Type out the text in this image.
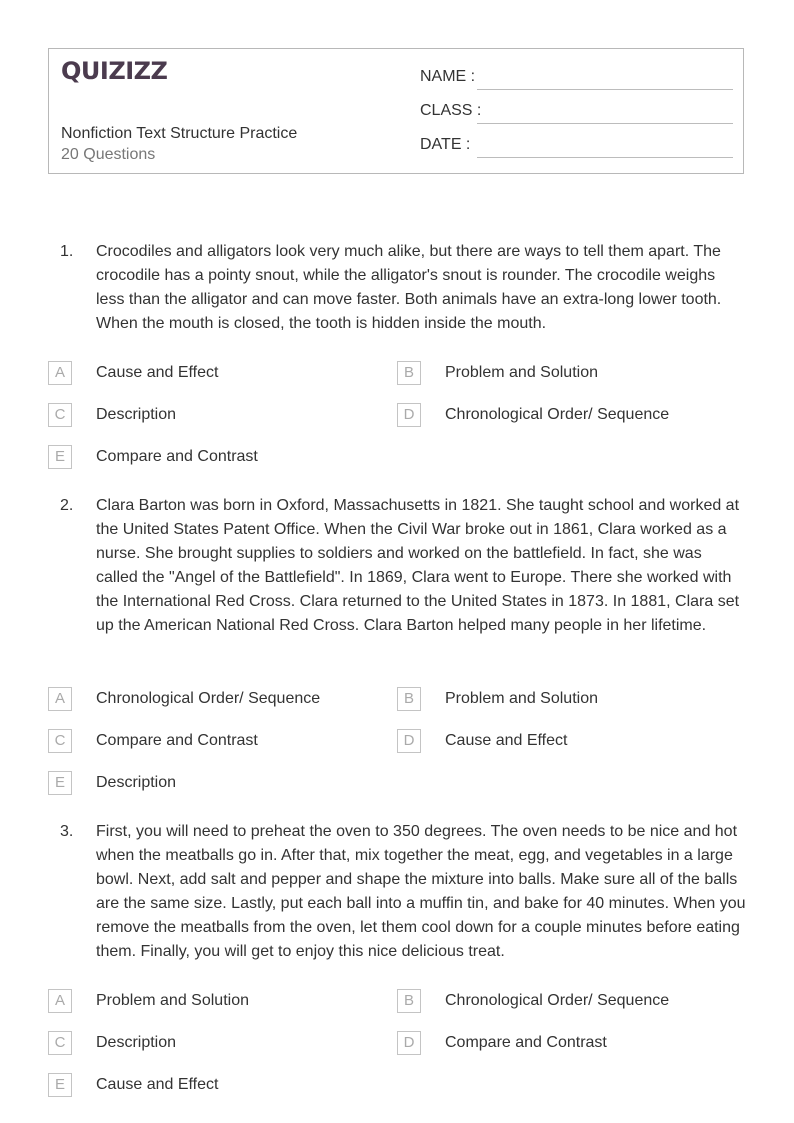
QUIZIZZ
Nonfiction Text Structure Practice
20 Questions
NAME :
CLASS :
DATE :
1. Crocodiles and alligators look very much alike, but there are ways to tell them apart. The crocodile has a pointy snout, while the alligator's snout is rounder. The crocodile weighs less than the alligator and can move faster. Both animals have an extra-long lower tooth. When the mouth is closed, the tooth is hidden inside the mouth.
A	Cause and Effect	B	Problem and Solution
C	Description	D	Chronological Order/ Sequence
E	Compare and Contrast
2. Clara Barton was born in Oxford, Massachusetts in 1821. She taught school and worked at the United States Patent Office. When the Civil War broke out in 1861, Clara worked as a nurse. She brought supplies to soldiers and worked on the battlefield. In fact, she was called the "Angel of the Battlefield". In 1869, Clara went to Europe. There she worked with the International Red Cross. Clara returned to the United States in 1873. In 1881, Clara set up the American National Red Cross. Clara Barton helped many people in her lifetime.
A	Chronological Order/ Sequence	B	Problem and Solution
C	Compare and Contrast	D	Cause and Effect
E	Description
3. First, you will need to preheat the oven to 350 degrees. The oven needs to be nice and hot when the meatballs go in. After that, mix together the meat, egg, and vegetables in a large bowl. Next, add salt and pepper and shape the mixture into balls. Make sure all of the balls are the same size. Lastly, put each ball into a muffin tin, and bake for 40 minutes. When you remove the meatballs from the oven, let them cool down for a couple minutes before eating them. Finally, you will get to enjoy this nice delicious treat.
A	Problem and Solution	B	Chronological Order/ Sequence
C	Description	D	Compare and Contrast
E	Cause and Effect
